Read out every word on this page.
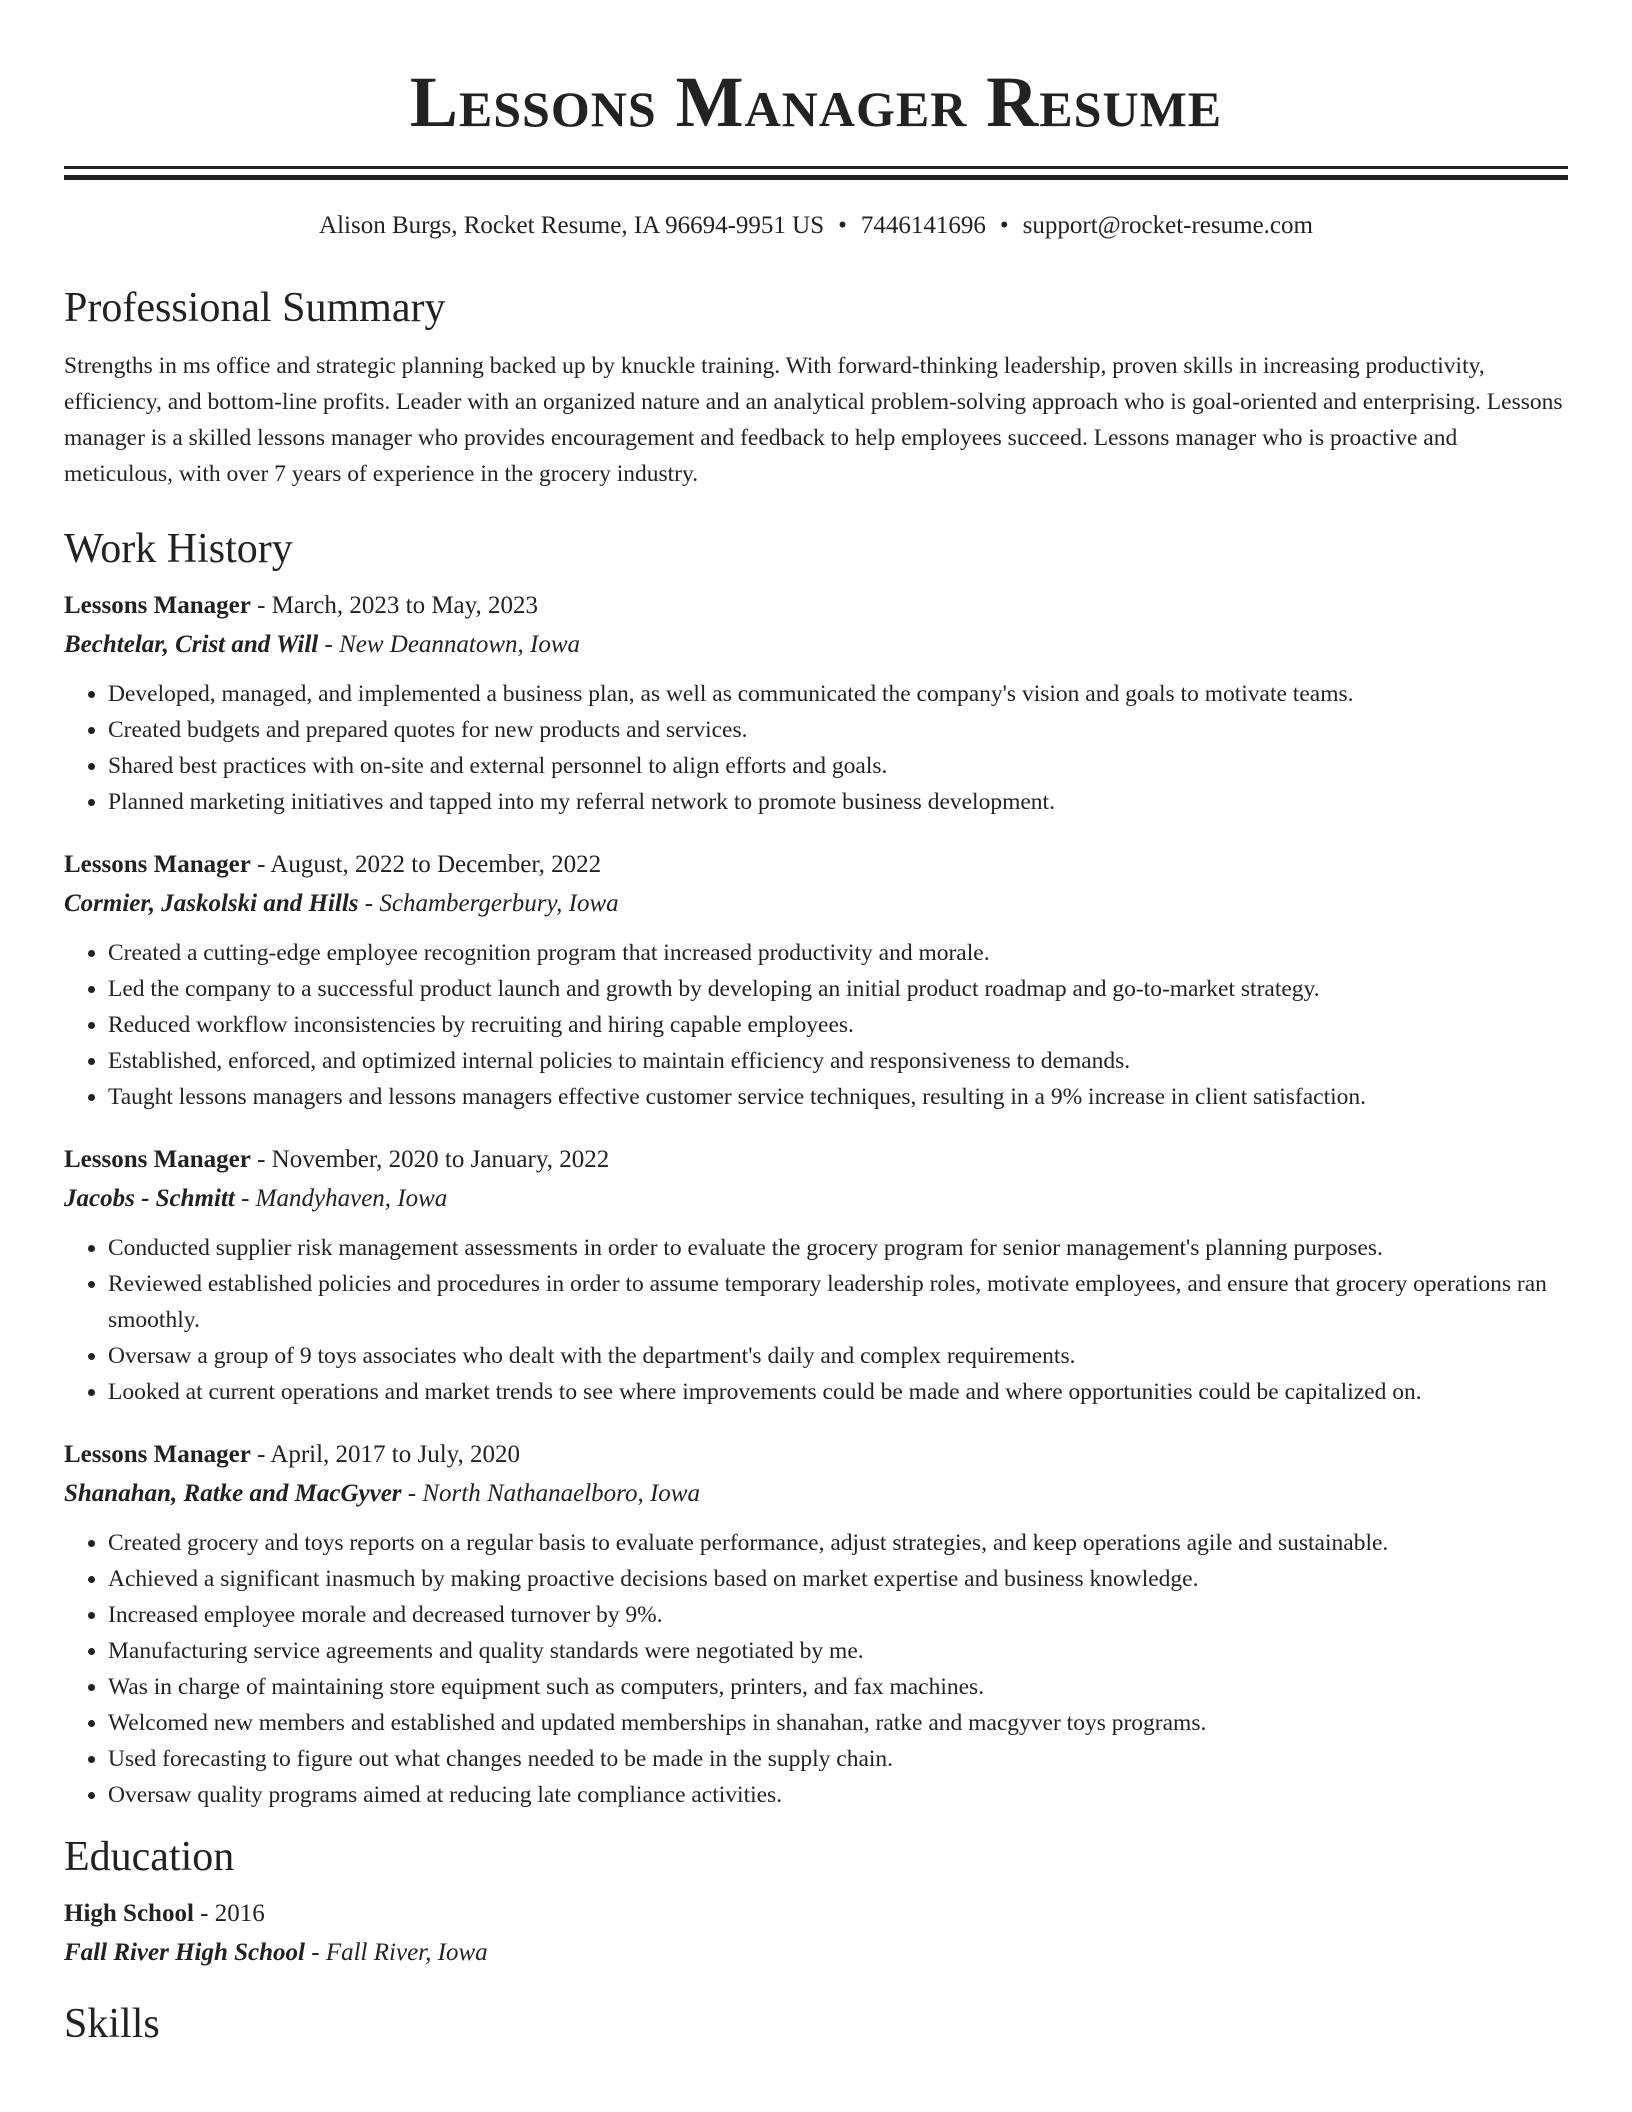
Lessons Manager Resume
Alison Burgs, Rocket Resume, IA 96694-9951 US • 7446141696 • support@rocket-resume.com
Professional Summary

Strengths in ms office and strategic planning backed up by knuckle training. With forward-thinking leadership, proven skills in increasing productivity, efficiency, and bottom-line profits. Leader with an organized nature and an analytical problem-solving approach who is goal-oriented and enterprising. Lessons manager is a skilled lessons manager who provides encouragement and feedback to help employees succeed. Lessons manager who is proactive and meticulous, with over 7 years of experience in the grocery industry.

Work History
Lessons Manager - March, 2023 to May, 2023
Bechtelar, Crist and Will - New Deannatown, Iowa
• Developed, managed, and implemented a business plan, as well as communicated the company's vision and goals to motivate teams.
• Created budgets and prepared quotes for new products and services.
• Shared best practices with on-site and external personnel to align efforts and goals.
• Planned marketing initiatives and tapped into my referral network to promote business development.
Lessons Manager - August, 2022 to December, 2022
Cormier, Jaskolski and Hills - Schambergerbury, Iowa
• Created a cutting-edge employee recognition program that increased productivity and morale.
• Led the company to a successful product launch and growth by developing an initial product roadmap and go-to-market strategy.
• Reduced workflow inconsistencies by recruiting and hiring capable employees.
• Established, enforced, and optimized internal policies to maintain efficiency and responsiveness to demands.
• Taught lessons managers and lessons managers effective customer service techniques, resulting in a 9% increase in client satisfaction.
Lessons Manager - November, 2020 to January, 2022
Jacobs - Schmitt - Mandyhaven, Iowa
• Conducted supplier risk management assessments in order to evaluate the grocery program for senior management's planning purposes.
• Reviewed established policies and procedures in order to assume temporary leadership roles, motivate employees, and ensure that grocery operations ran smoothly.
• Oversaw a group of 9 toys associates who dealt with the department's daily and complex requirements.
• Looked at current operations and market trends to see where improvements could be made and where opportunities could be capitalized on.
Lessons Manager - April, 2017 to July, 2020
Shanahan, Ratke and MacGyver - North Nathanaelboro, Iowa
• Created grocery and toys reports on a regular basis to evaluate performance, adjust strategies, and keep operations agile and sustainable.
• Achieved a significant inasmuch by making proactive decisions based on market expertise and business knowledge.
• Increased employee morale and decreased turnover by 9%.
• Manufacturing service agreements and quality standards were negotiated by me.
• Was in charge of maintaining store equipment such as computers, printers, and fax machines.
• Welcomed new members and established and updated memberships in shanahan, ratke and macgyver toys programs.
• Used forecasting to figure out what changes needed to be made in the supply chain.
• Oversaw quality programs aimed at reducing late compliance activities.
Education
High School - 2016
Fall River High School - Fall River, Iowa
Skills
